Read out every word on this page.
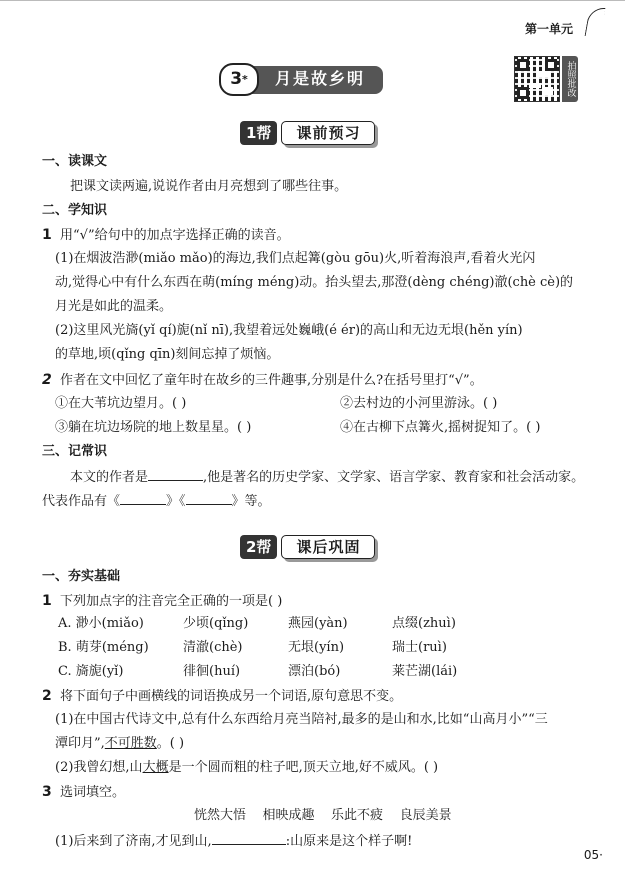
第一单元
3 *	月是故乡明	拍照批改
1帮	课前预习
一、读课文
把课文读两遍,说说作者由月亮想到了哪些往事。
二、学知识
1 用“√”给句中的加点字选择正确的读音。
(1)在烟波浩渺(miǎo mǎo)的海边,我们点起篝(gòu gōu)火,听着海浪声,看着火光闪
动,觉得心中有什么东西在萌(míng méng)动。抬头望去,那澄(dèng chéng)澈(chè cè)的
月光是如此的温柔。
(2)这里风光旖(yǐ qí)旎(nǐ nī),我望着远处巍峨(é ér)的高山和无边无垠(hěn yín)
的草地,顷(qǐng qīn)刻间忘掉了烦恼。
2 作者在文中回忆了童年时在故乡的三件趣事,分别是什么?在括号里打“√”。
①在大苇坑边望月。( )	②去村边的小河里游泳。( )
③躺在坑边场院的地上数星星。( )	④在古柳下点篝火,摇树捉知了。( )
三、记常识
本文的作者是	,他是著名的历史学家、文学家、语言学家、教育家和社会活动家。
代表作品有《	》《	》等。
2帮	课后巩固
一、夯实基础
1 下列加点字的注音完全正确的一项是( )
A. 渺小(miǎo)	少顷(qǐng)	燕园(yàn)	点缀(zhuì)
B. 萌芽(méng)	清澈(chè)	无垠(yín)	瑞士(ruì)
C. 旖旎(yǐ)	徘徊(huí)	漂泊(bó)	莱芒湖(lái)
2 将下面句子中画横线的词语换成另一个词语,原句意思不变。
(1)在中国古代诗文中,总有什么东西给月亮当陪衬,最多的是山和水,比如“山高月小”“三
潭印月”,不可胜数。( )
(2)我曾幻想,山大概是一个圆而粗的柱子吧,顶天立地,好不威风。( )
3 选词填空。
恍然大悟    相映成趣    乐此不疲    良辰美景
(1)后来到了济南,才见到山,	:山原来是这个样子啊!
05·
